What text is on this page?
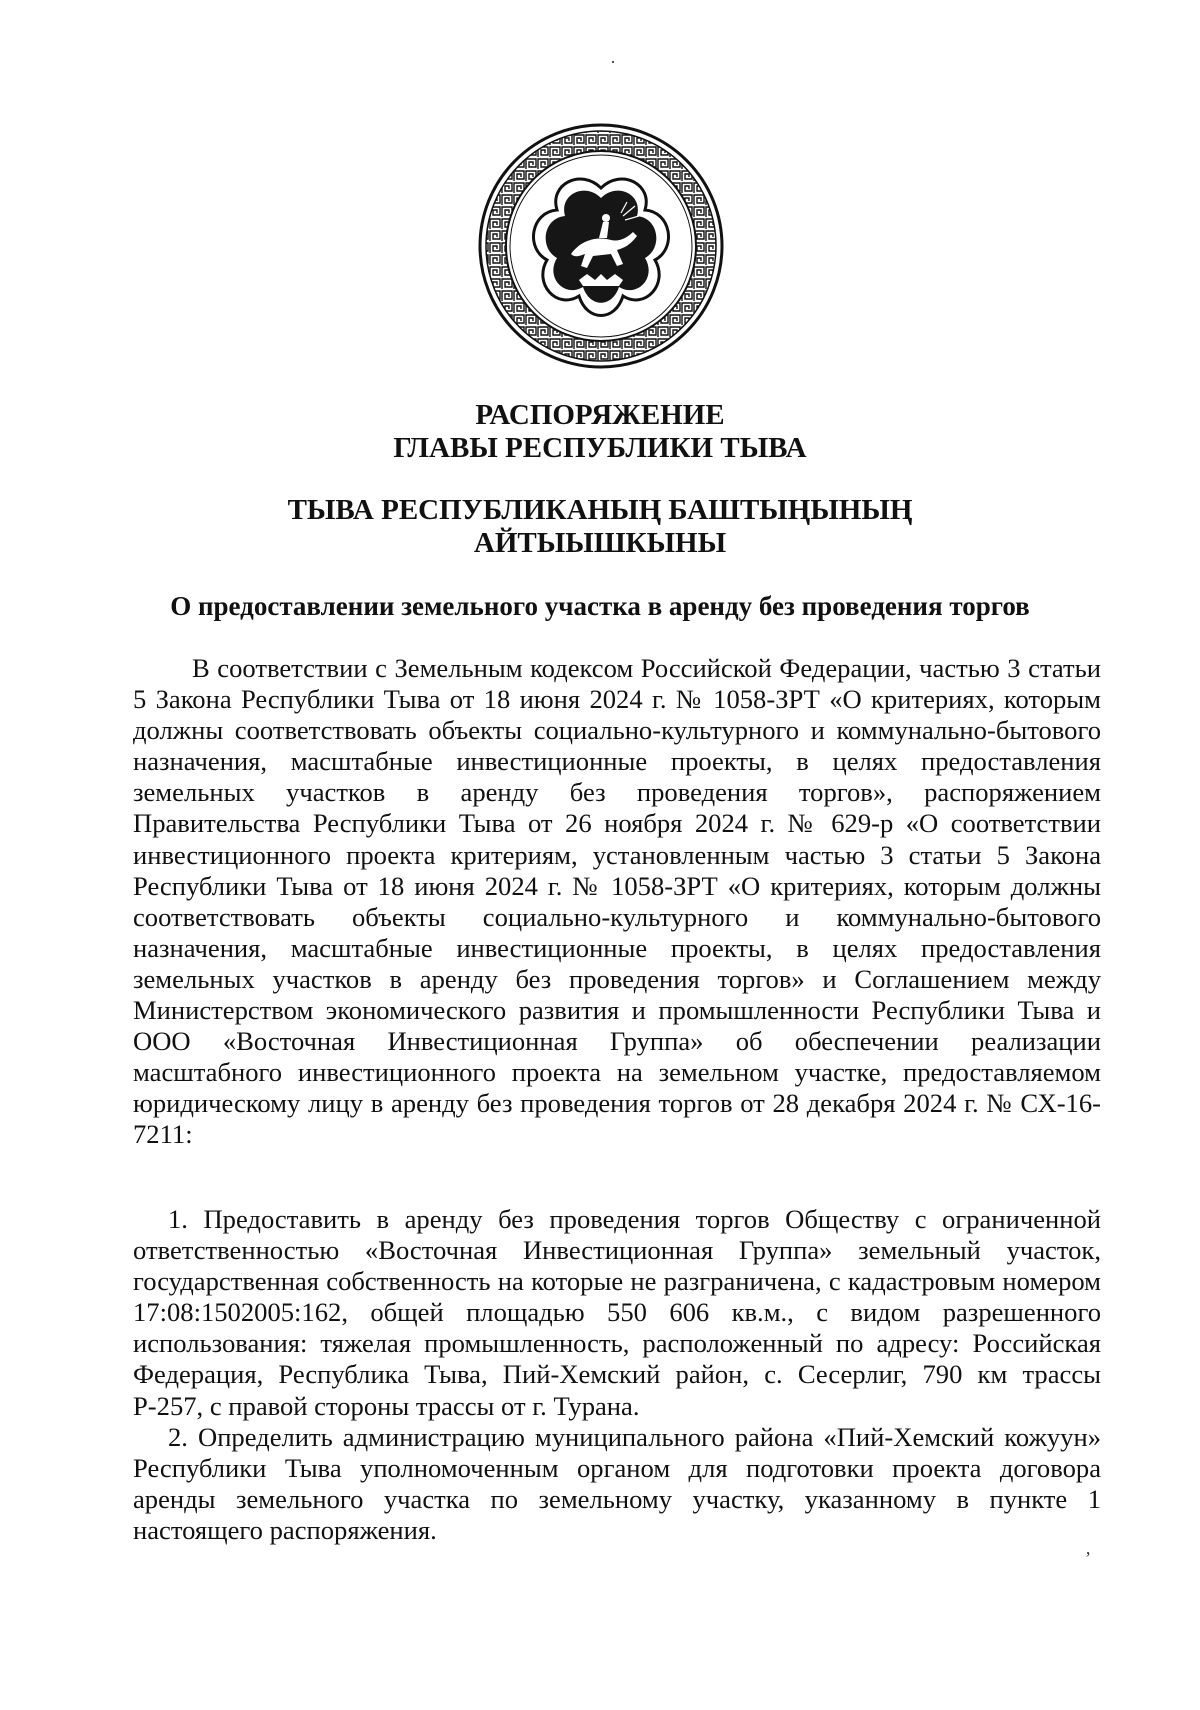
·
РАСПОРЯЖЕНИЕ
ГЛАВЫ РЕСПУБЛИКИ ТЫВА
ТЫВА РЕСПУБЛИКАНЫҢ БАШТЫҢЫНЫҢ
АЙТЫЫШКЫНЫ
О предоставлении земельного участка в аренду без проведения торгов

В соответствии с Земельным кодексом Российской Федерации, частью 3 статьи 5 Закона Республики Тыва от 18 июня 2024 г. № 1058-ЗРТ «О критериях, которым должны соответствовать объекты социально-культурного и коммунально-бытового назначения, масштабные инвестиционные проекты, в целях предоставления земельных участков в аренду без проведения торгов», распоряжением Правительства Республики Тыва от 26 ноября 2024 г. № 629-р «О соответствии инвестиционного проекта критериям, установленным частью 3 статьи 5 Закона Республики Тыва от 18 июня 2024 г. № 1058-ЗРТ «О критериях, которым должны соответствовать объекты социально-культурного и коммунально-бытового назначения, масштабные инвестиционные проекты, в целях предоставления земельных участков в аренду без проведения торгов» и Соглашением между Министерством экономического развития и промышленности Республики Тыва и ООО «Восточная Инвестиционная Группа» об обеспечении реализации масштабного инвестиционного проекта на земельном участке, предоставляемом юридическому лицу в аренду без проведения торгов от 28 декабря 2024 г. № СХ-16-7211:

1. Предоставить в аренду без проведения торгов Обществу с ограниченной ответственностью «Восточная Инвестиционная Группа» земельный участок, государственная собственность на которые не разграничена, с кадастровым номером 17:08:1502005:162, общей площадью 550 606 кв.м., с видом разрешенного использования: тяжелая промышленность, расположенный по адресу: Российская Федерация, Республика Тыва, Пий-Хемский район, с. Сесерлиг, 790 км трассы Р-257, с правой стороны трассы от г. Турана.

2. Определить администрацию муниципального района «Пий-Хемский кожуун» Республики Тыва уполномоченным органом для подготовки проекта договора аренды земельного участка по земельному участку, указанному в пункте 1 настоящего распоряжения.

ʼ
